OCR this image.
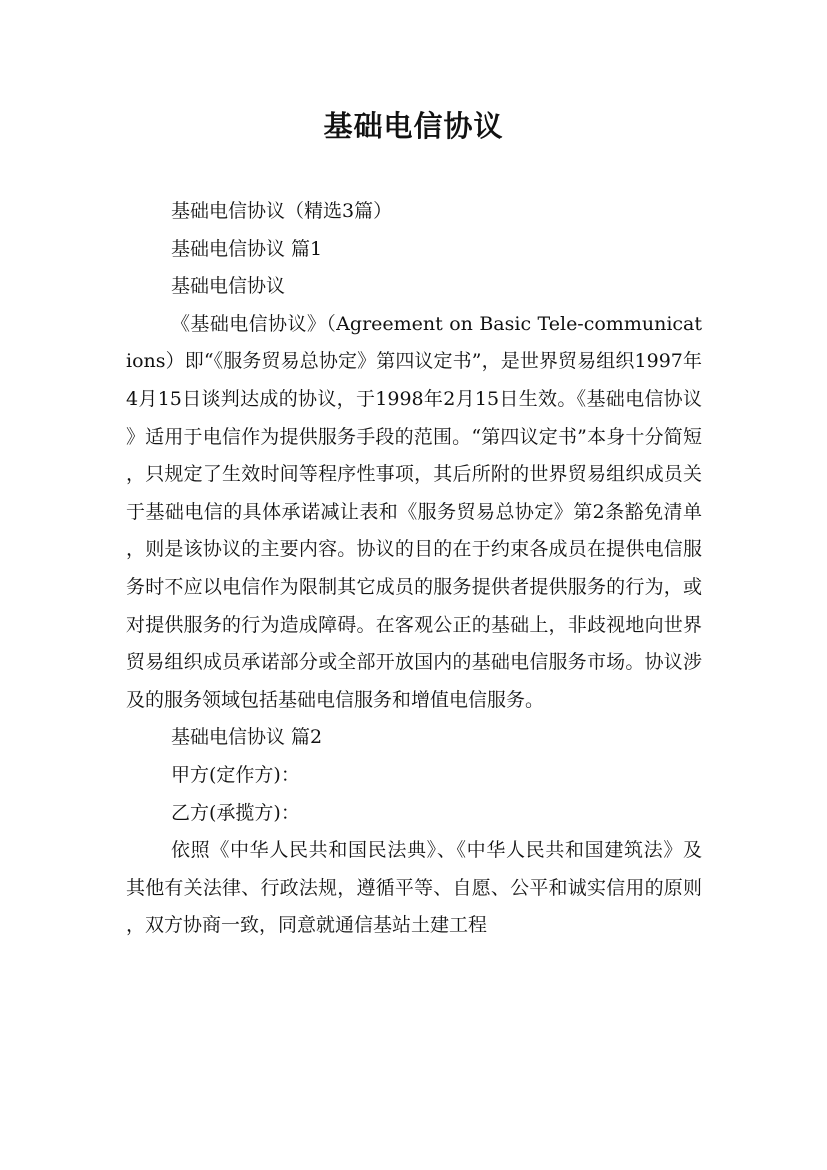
基础电信协议

基础电信协议（精选3篇）

基础电信协议 篇1

基础电信协议

《基础电信协议》（Agreement on Basic Tele-communications）即“《服务贸易总协定》第四议定书”，是世界贸易组织1997年4月15日谈判达成的协议，于1998年2月15日生效。《基础电信协议》适用于电信作为提供服务手段的范围。“第四议定书”本身十分简短，只规定了生效时间等程序性事项，其后所附的世界贸易组织成员关于基础电信的具体承诺减让表和《服务贸易总协定》第2条豁免清单，则是该协议的主要内容。协议的目的在于约束各成员在提供电信服务时不应以电信作为限制其它成员的服务提供者提供服务的行为，或对提供服务的行为造成障碍。在客观公正的基础上，非歧视地向世界贸易组织成员承诺部分或全部开放国内的基础电信服务市场。协议涉及的服务领域包括基础电信服务和增值电信服务。

基础电信协议 篇2

甲方(定作方)：

乙方(承揽方)：

依照《中华人民共和国民法典》、《中华人民共和国建筑法》及其他有关法律、行政法规，遵循平等、自愿、公平和诚实信用的原则，双方协商一致，同意就通信基站土建工程
